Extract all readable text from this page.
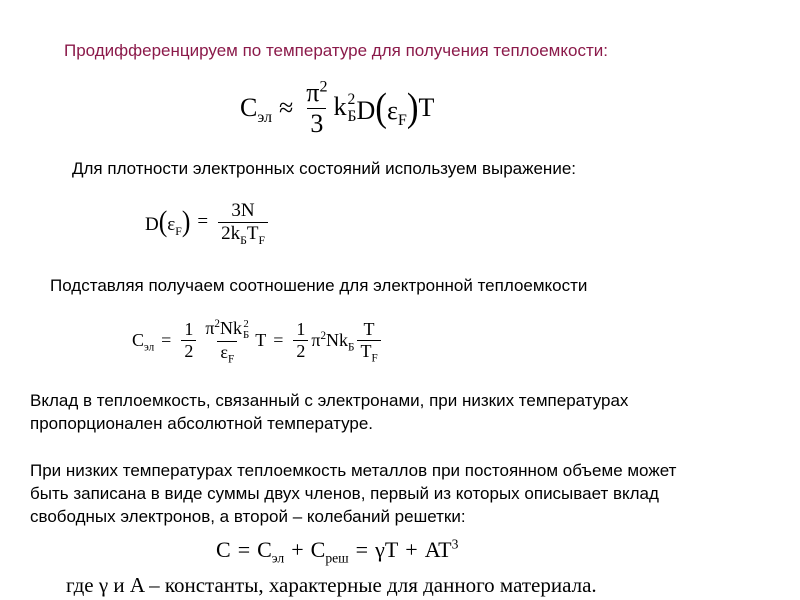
Продифференцируем по температуре для получения теплоемкости:
$C_{эл} \approx \frac{\pi^2}{3}$ k 2
Б $D(\varepsilon_F)$ T
Для плотности электронных состояний используем выражение:
$D(\varepsilon_F) = \frac{3N}{2k_БT_F}$
Подставляя получаем соотношение для электронной теплоемкости
$C_{эл} = \frac{1}{2} \pi^2Nk$ 2
Б
$\varepsilon_F$ $T = \frac{1}{2} \pi^2Nk_Б \frac{T}{T_F}$
Вклад в теплоемкость, связанный с электронами, при низких температурах
пропорционален абсолютной температуре.
При низких температурах теплоемкость металлов при постоянном объеме может
быть записана в виде суммы двух членов, первый из которых описывает вклад
свободных электронов, а второй – колебаний решетки:
$C = C_{эл} + C_{реш} = \gamma T + AT^3$
где γ и A – константы, характерные для данного материала.
